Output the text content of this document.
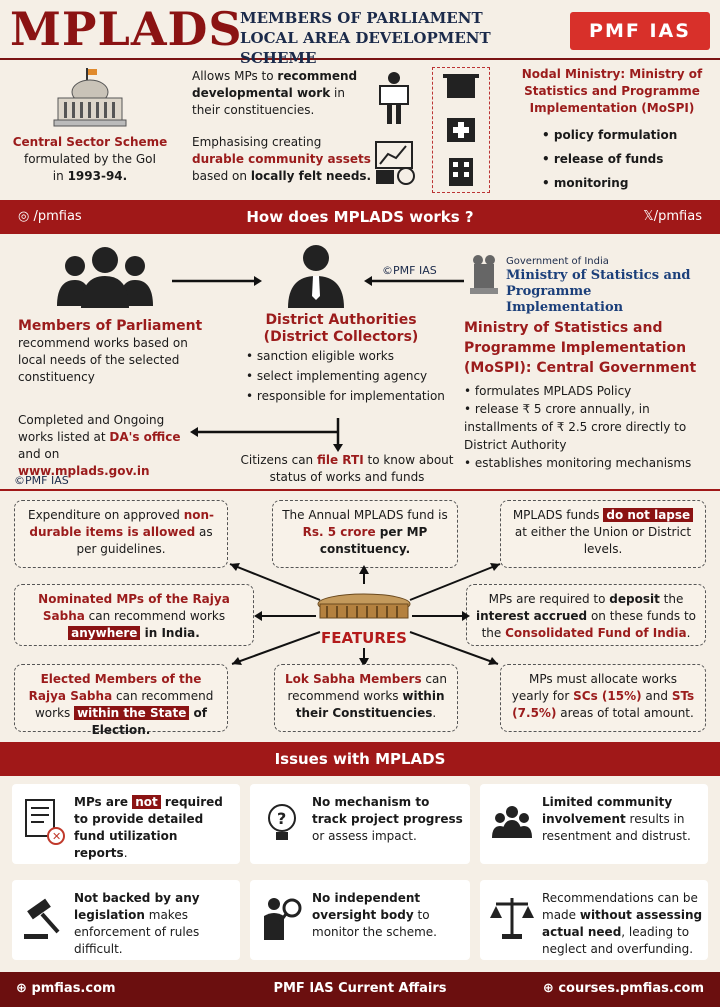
MPLADS
MEMBERS OF PARLIAMENT LOCAL AREA DEVELOPMENT SCHEME
PMF IAS
Central Sector Scheme
formulated by the GoI
in 1993-94.
Allows MPs to recommend developmental work in their constituencies.
Emphasising creating durable community assets based on locally felt needs.
Nodal Ministry: Ministry of Statistics and Programme Implementation (MoSPI)
• policy formulation
• release of funds
• monitoring
◎ /pmfias	How does MPLADS works ?	𝕏/pmfias
©PMF IAS
Government of India
Ministry of Statistics and Programme Implementation
Members of Parliament
recommend works based on local needs of the selected constituency
District Authorities
(District Collectors)
• sanction eligible works
• select implementing agency
• responsible for implementation
Ministry of Statistics and Programme Implementation (MoSPI): Central Government
• formulates MPLADS Policy
• release ₹ 5 crore annually, in installments of ₹ 2.5 crore directly to District Authority
• establishes monitoring mechanisms
Completed and Ongoing works listed at DA's office and on www.mplads.gov.in
©PMF IAS
Citizens can file RTI to know about status of works and funds
Expenditure on approved non-durable items is allowed as per guidelines.
The Annual MPLADS fund is Rs. 5 crore per MP constituency.
MPLADS funds do not lapse at either the Union or District levels.
Nominated MPs of the Rajya Sabha can recommend works anywhere in India.
MPs are required to deposit the interest accrued on these funds to the Consolidated Fund of India.
FEATURES
Elected Members of the Rajya Sabha can recommend works within the State of Election.
Lok Sabha Members can recommend works within their Constituencies.
MPs must allocate works yearly for SCs (15%) and STs (7.5%) areas of total amount.
Issues with MPLADS
✕
MPs are not required to provide detailed fund utilization reports.
?
No mechanism to track project progress or assess impact.
Limited community involvement results in resentment and distrust.
Not backed by any legislation makes enforcement of rules difficult.
No independent oversight body to monitor the scheme.
Recommendations can be made without assessing actual need, leading to neglect and overfunding.
⊕ pmfias.com	PMF IAS Current Affairs	⊕ courses.pmfias.com
